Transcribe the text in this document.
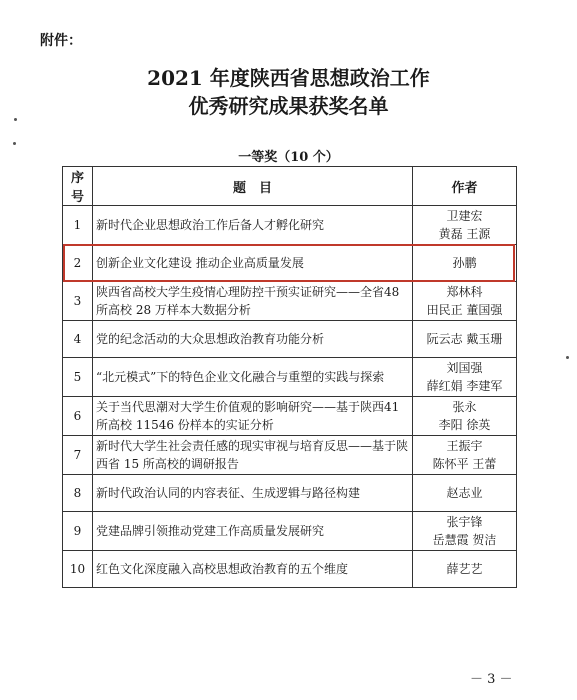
附件：
2021 年度陕西省思想政治工作
优秀研究成果获奖名单
一等奖（10 个）
序号	题　目	作者
1	新时代企业思想政治工作后备人才孵化研究	卫建宏
黄磊 王源

2	创新企业文化建设 推动企业高质量发展	孙鹏

3	陕西省高校大学生疫情心理防控干预实证研究——全省48 所高校 28 万样本大数据分析	郑林科
田民正 董国强

4	党的纪念活动的大众思想政治教育功能分析	阮云志 戴玉珊

5	“北元模式”下的特色企业文化融合与重塑的实践与探索	刘国强
薛红娟 李建军

6	关于当代思潮对大学生价值观的影响研究——基于陕西41 所高校 11546 份样本的实证分析	张永
李阳 徐英

7	新时代大学生社会责任感的现实审视与培育反思——基于陕西省 15 所高校的调研报告	王振宇
陈怀平 王蕾

8	新时代政治认同的内容表征、生成逻辑与路径构建	赵志业

9	党建品牌引领推动党建工作高质量发展研究	张宇锋
岳慧霞 贺洁

10	红色文化深度融入高校思想政治教育的五个维度	薛艺艺
－ 3 －
